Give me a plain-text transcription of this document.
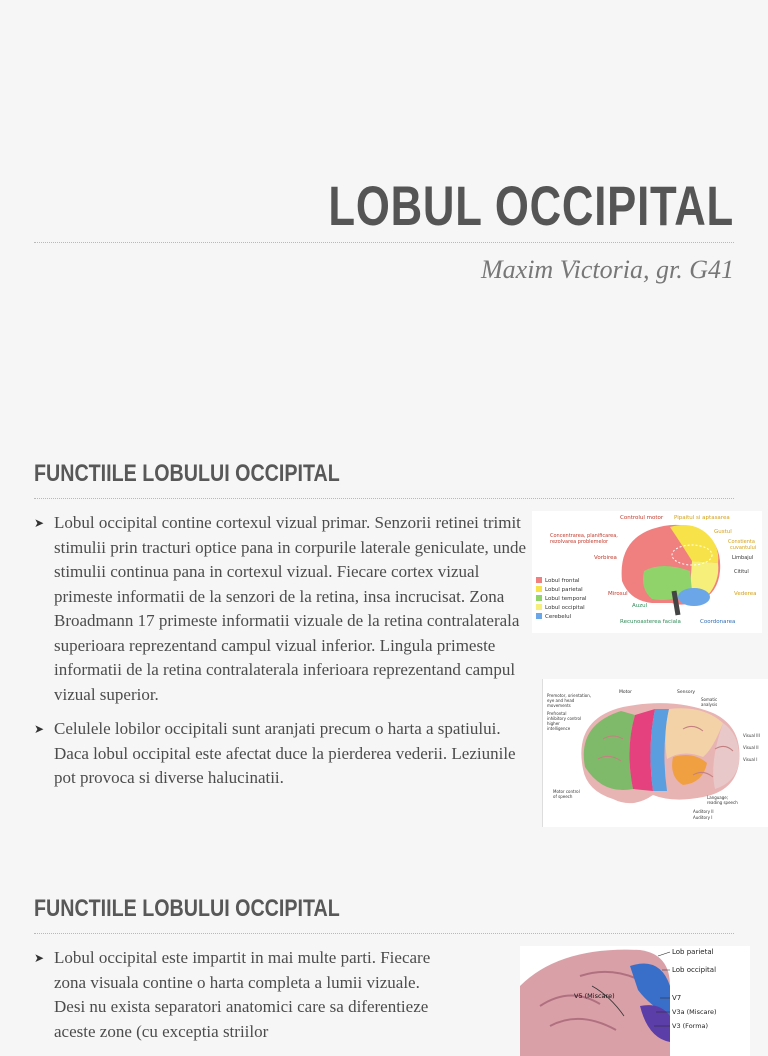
LOBUL OCCIPITAL
Maxim Victoria, gr. G41
FUNCTIILE LOBULUI OCCIPITAL
➤ Lobul occipital contine cortexul vizual primar. Senzorii retinei trimit stimulii prin tracturi optice pana in corpurile laterale geniculate, unde stimulii continua pana in cortexul vizual. Fiecare cortex vizual primeste informatii de la senzori de la retina, insa incrucisat. Zona Broadmann 17 primeste informatii vizuale de la retina contralaterala superioara reprezentand campul vizual inferior. Lingula primeste informatii de la retina contralaterala inferioara reprezentand campul vizual superior.
➤ Celulele lobilor occipitali sunt aranjati precum o harta a spatiului. Daca lobul occipital este afectat duce la pierderea vederii. Leziunile pot provoca si diverse halucinatii.
Controlul motor Pipaitul si aptasarea
Concentrarea, planificarea,
rezolvarea problemelor
Gustul
Constienta
cuvantului
Limbajul
Cititul
Vorbirea
Mirosul	Vederea
Auzul
Recunoasterea faciala	Coordonarea
Lobul frontal
Lobul parietal
Lobul temporal
Lobul occipital
Cerebelul
Motor	Sensory
Premotor, orientation,
eye and head
movements
Prefrontal
inhibitory control
higher
intelligence
Somatic
analysis
Visual III
Visual II
Visual I
Motor control
of speech	Language;
reading speech
Auditory II
Auditory I
FUNCTIILE LOBULUI OCCIPITAL
➤ Lobul occipital este impartit in mai multe parti. Fiecare zona visuala contine o harta completa a lumii vizuale. Desi nu exista separatori anatomici care sa diferentieze aceste zone (cu exceptia striilor
Lob parietal
Lob occipital
V5 (Miscare)	V7
V3a (Miscare)
V3 (Forma)
